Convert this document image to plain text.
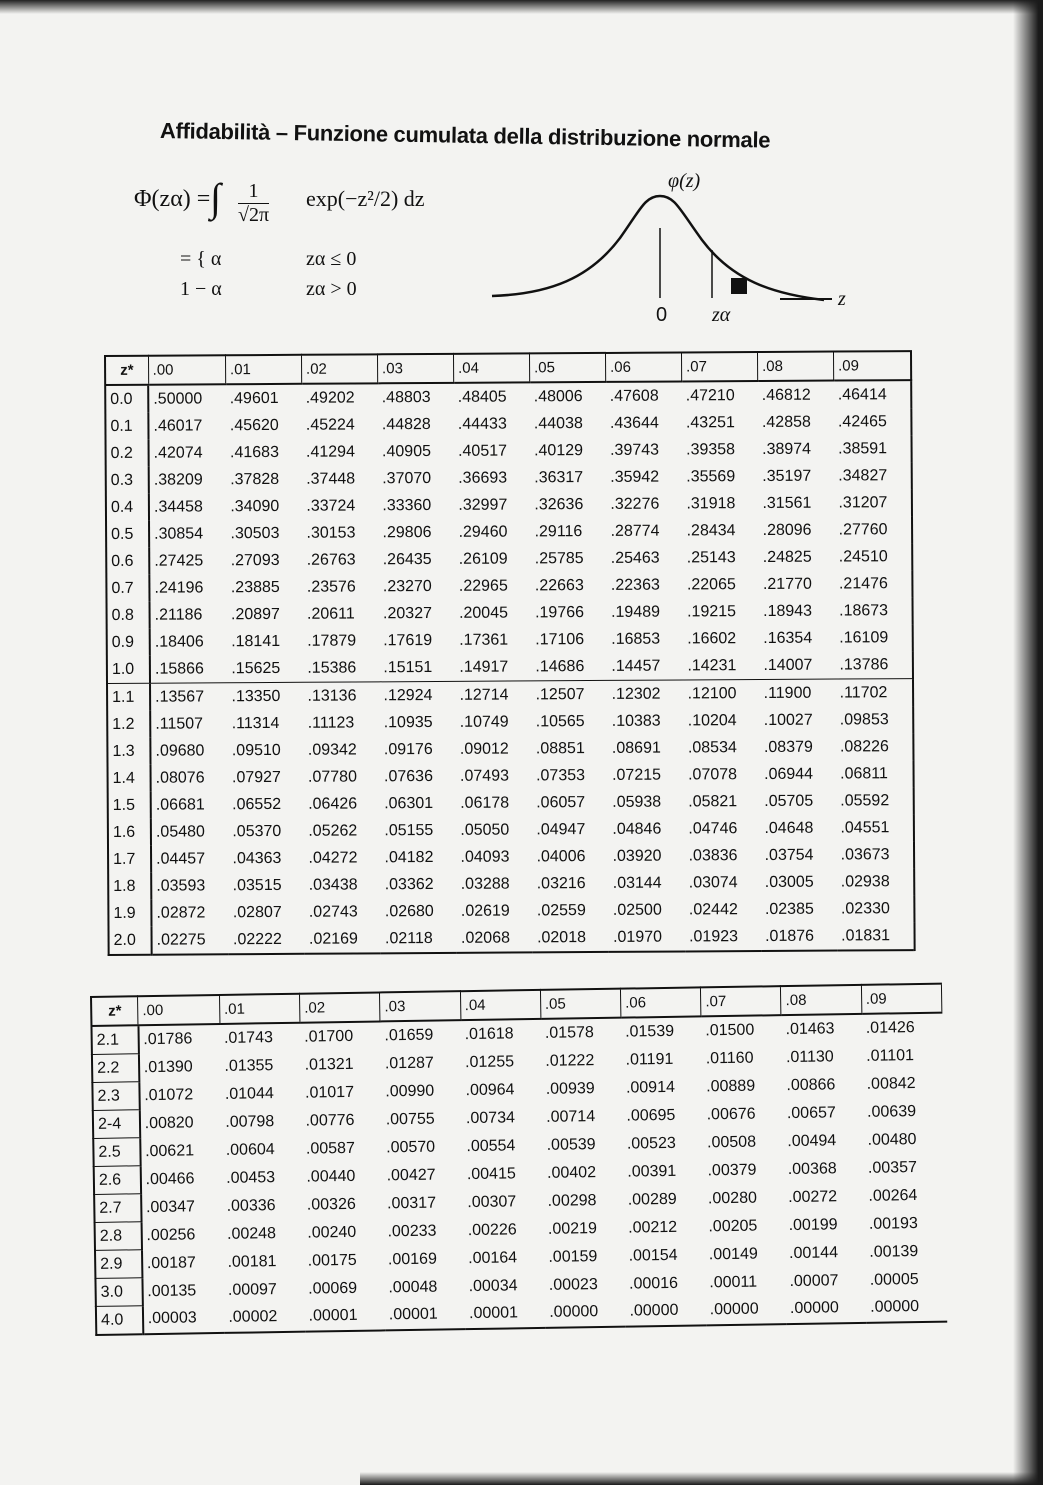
Affidabilità – Funzione cumulata della distribuzione normale
Φ(zα) = ∫ $\frac{1}{√2\pi} \exp(-z^2/2)$ dz
= { α	zα ≤ 0
1 − α	zα > 0
φ(z)
z
0 zα
z*	.00	.01	.02	.03	.04	.05	.06	.07	.08	.09
0.0	.50000	.49601	.49202	.48803	.48405	.48006	.47608	.47210	.46812	.46414
0.1	.46017	.45620	.45224	.44828	.44433	.44038	.43644	.43251	.42858	.42465
0.2	.42074	.41683	.41294	.40905	.40517	.40129	.39743	.39358	.38974	.38591
0.3	.38209	.37828	.37448	.37070	.36693	.36317	.35942	.35569	.35197	.34827
0.4	.34458	.34090	.33724	.33360	.32997	.32636	.32276	.31918	.31561	.31207
0.5	.30854	.30503	.30153	.29806	.29460	.29116	.28774	.28434	.28096	.27760
0.6	.27425	.27093	.26763	.26435	.26109	.25785	.25463	.25143	.24825	.24510
0.7	.24196	.23885	.23576	.23270	.22965	.22663	.22363	.22065	.21770	.21476
0.8	.21186	.20897	.20611	.20327	.20045	.19766	.19489	.19215	.18943	.18673
0.9	.18406	.18141	.17879	.17619	.17361	.17106	.16853	.16602	.16354	.16109
1.0	.15866	.15625	.15386	.15151	.14917	.14686	.14457	.14231	.14007	.13786
1.1	.13567	.13350	.13136	.12924	.12714	.12507	.12302	.12100	.11900	.11702
1.2	.11507	.11314	.11123	.10935	.10749	.10565	.10383	.10204	.10027	.09853
1.3	.09680	.09510	.09342	.09176	.09012	.08851	.08691	.08534	.08379	.08226
1.4	.08076	.07927	.07780	.07636	.07493	.07353	.07215	.07078	.06944	.06811
1.5	.06681	.06552	.06426	.06301	.06178	.06057	.05938	.05821	.05705	.05592
1.6	.05480	.05370	.05262	.05155	.05050	.04947	.04846	.04746	.04648	.04551
1.7	.04457	.04363	.04272	.04182	.04093	.04006	.03920	.03836	.03754	.03673
1.8	.03593	.03515	.03438	.03362	.03288	.03216	.03144	.03074	.03005	.02938
1.9	.02872	.02807	.02743	.02680	.02619	.02559	.02500	.02442	.02385	.02330
2.0	.02275	.02222	.02169	.02118	.02068	.02018	.01970	.01923	.01876	.01831
z*	.00	.01	.02	.03	.04	.05	.06	.07	.08	.09
2.1	.01786	.01743	.01700	.01659	.01618	.01578	.01539	.01500	.01463	.01426
2.2	.01390	.01355	.01321	.01287	.01255	.01222	.01191	.01160	.01130	.01101
2.3	.01072	.01044	.01017	.00990	.00964	.00939	.00914	.00889	.00866	.00842
2-4	.00820	.00798	.00776	.00755	.00734	.00714	.00695	.00676	.00657	.00639
2.5	.00621	.00604	.00587	.00570	.00554	.00539	.00523	.00508	.00494	.00480
2.6	.00466	.00453	.00440	.00427	.00415	.00402	.00391	.00379	.00368	.00357
2.7	.00347	.00336	.00326	.00317	.00307	.00298	.00289	.00280	.00272	.00264
2.8	.00256	.00248	.00240	.00233	.00226	.00219	.00212	.00205	.00199	.00193
2.9	.00187	.00181	.00175	.00169	.00164	.00159	.00154	.00149	.00144	.00139
3.0	.00135	.00097	.00069	.00048	.00034	.00023	.00016	.00011	.00007	.00005
4.0	.00003	.00002	.00001	.00001	.00001	.00000	.00000	.00000	.00000	.00000
